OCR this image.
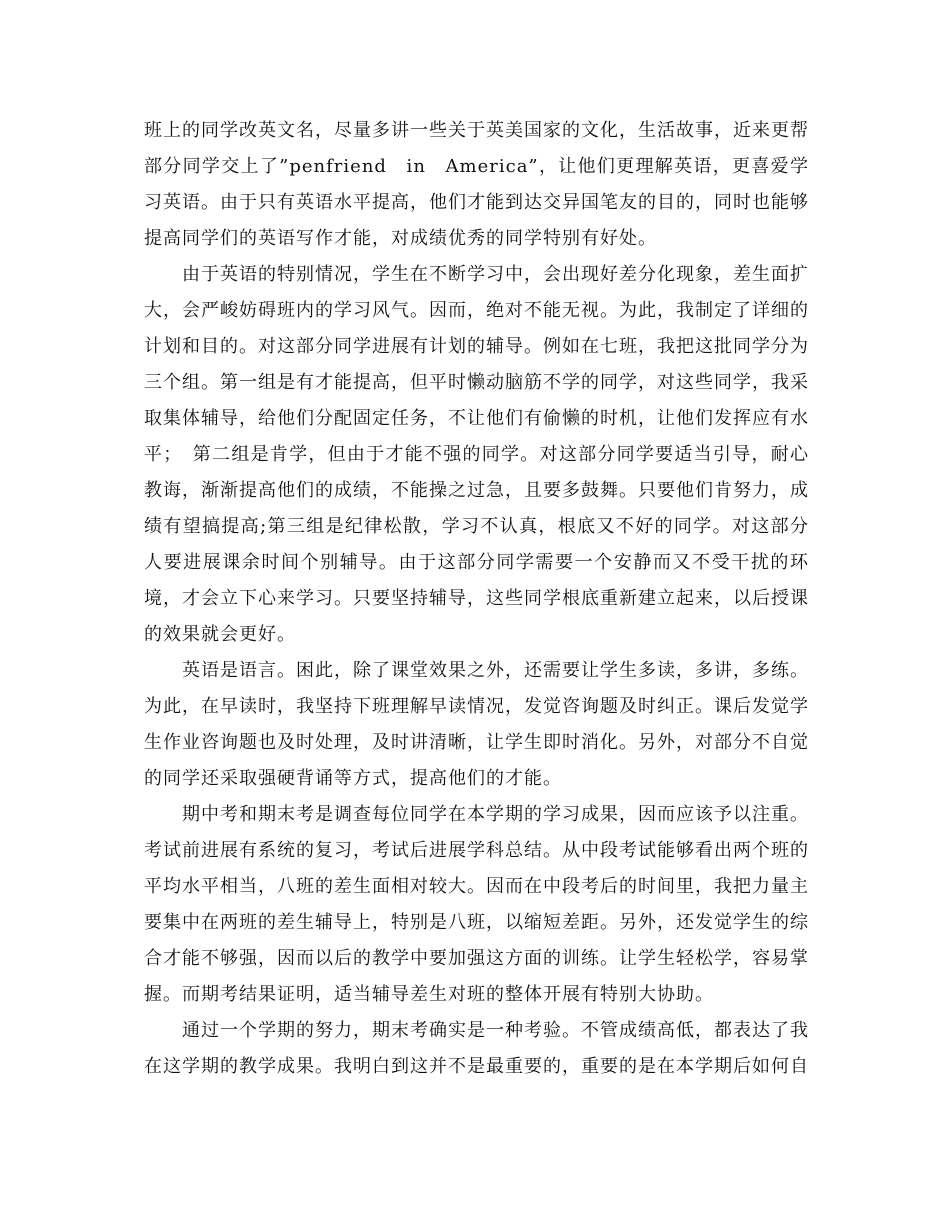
班上的同学改英文名，尽量多讲一些关于英美国家的文化，生活故事，近来更帮部分同学交上了”penfriend　in　America”，让他们更理解英语，更喜爱学习英语。由于只有英语水平提高，他们才能到达交异国笔友的目的，同时也能够提高同学们的英语写作才能，对成绩优秀的同学特别有好处。

由于英语的特别情况，学生在不断学习中，会出现好差分化现象，差生面扩大，会严峻妨碍班内的学习风气。因而，绝对不能无视。为此，我制定了详细的计划和目的。对这部分同学进展有计划的辅导。例如在七班，我把这批同学分为三个组。第一组是有才能提高，但平时懒动脑筋不学的同学，对这些同学，我采取集体辅导，给他们分配固定任务，不让他们有偷懒的时机，让他们发挥应有水平；　第二组是肯学，但由于才能不强的同学。对这部分同学要适当引导，耐心教诲，渐渐提高他们的成绩，不能操之过急，且要多鼓舞。只要他们肯努力，成绩有望搞提高;第三组是纪律松散，学习不认真，根底又不好的同学。对这部分人要进展课余时间个别辅导。由于这部分同学需要一个安静而又不受干扰的环境，才会立下心来学习。只要坚持辅导，这些同学根底重新建立起来，以后授课的效果就会更好。

英语是语言。困此，除了课堂效果之外，还需要让学生多读，多讲，多练。为此，在早读时，我坚持下班理解早读情况，发觉咨询题及时纠正。课后发觉学生作业咨询题也及时处理，及时讲清晰，让学生即时消化。另外，对部分不自觉的同学还采取强硬背诵等方式，提高他们的才能。

期中考和期末考是调查每位同学在本学期的学习成果，因而应该予以注重。考试前进展有系统的复习，考试后进展学科总结。从中段考试能够看出两个班的平均水平相当，八班的差生面相对较大。因而在中段考后的时间里，我把力量主要集中在两班的差生辅导上，特别是八班，以缩短差距。另外，还发觉学生的综合才能不够强，因而以后的教学中要加强这方面的训练。让学生轻松学，容易掌握。而期考结果证明，适当辅导差生对班的整体开展有特别大协助。

通过一个学期的努力，期末考确实是一种考验。不管成绩高低，都表达了我在这学期的教学成果。我明白到这并不是最重要的，重要的是在本学期后如何自
